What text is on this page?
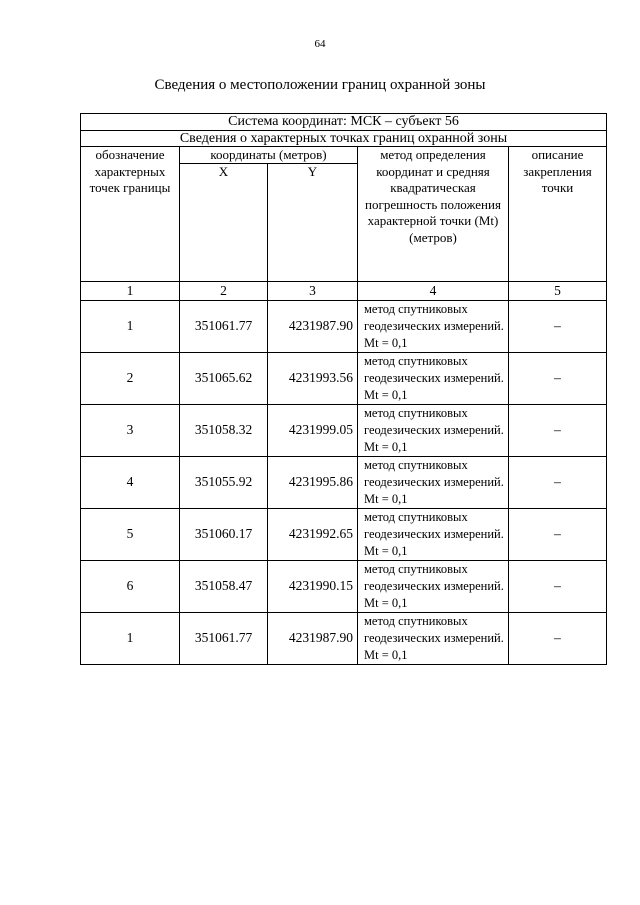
64
Сведения о местоположении границ охранной зоны
Система координат: МСК – субъект 56				
Сведения о характерных точках границ охранной зоны				
обозначение характерных точек границы	координаты (метров)		метод определения координат и средняя квадратическая погрешность положения характерной точки (Mt) (метров)	описание закрепления точки
	X	Y		
1	2	3	4	5
1	351061.77	4231987.90	метод спутниковых геодезических измерений. Mt = 0,1	–
2	351065.62	4231993.56	метод спутниковых геодезических измерений. Mt = 0,1	–
3	351058.32	4231999.05	метод спутниковых геодезических измерений. Mt = 0,1	–
4	351055.92	4231995.86	метод спутниковых геодезических измерений. Mt = 0,1	–
5	351060.17	4231992.65	метод спутниковых геодезических измерений. Mt = 0,1	–
6	351058.47	4231990.15	метод спутниковых геодезических измерений. Mt = 0,1	–
1	351061.77	4231987.90	метод спутниковых геодезических измерений. Mt = 0,1	–
